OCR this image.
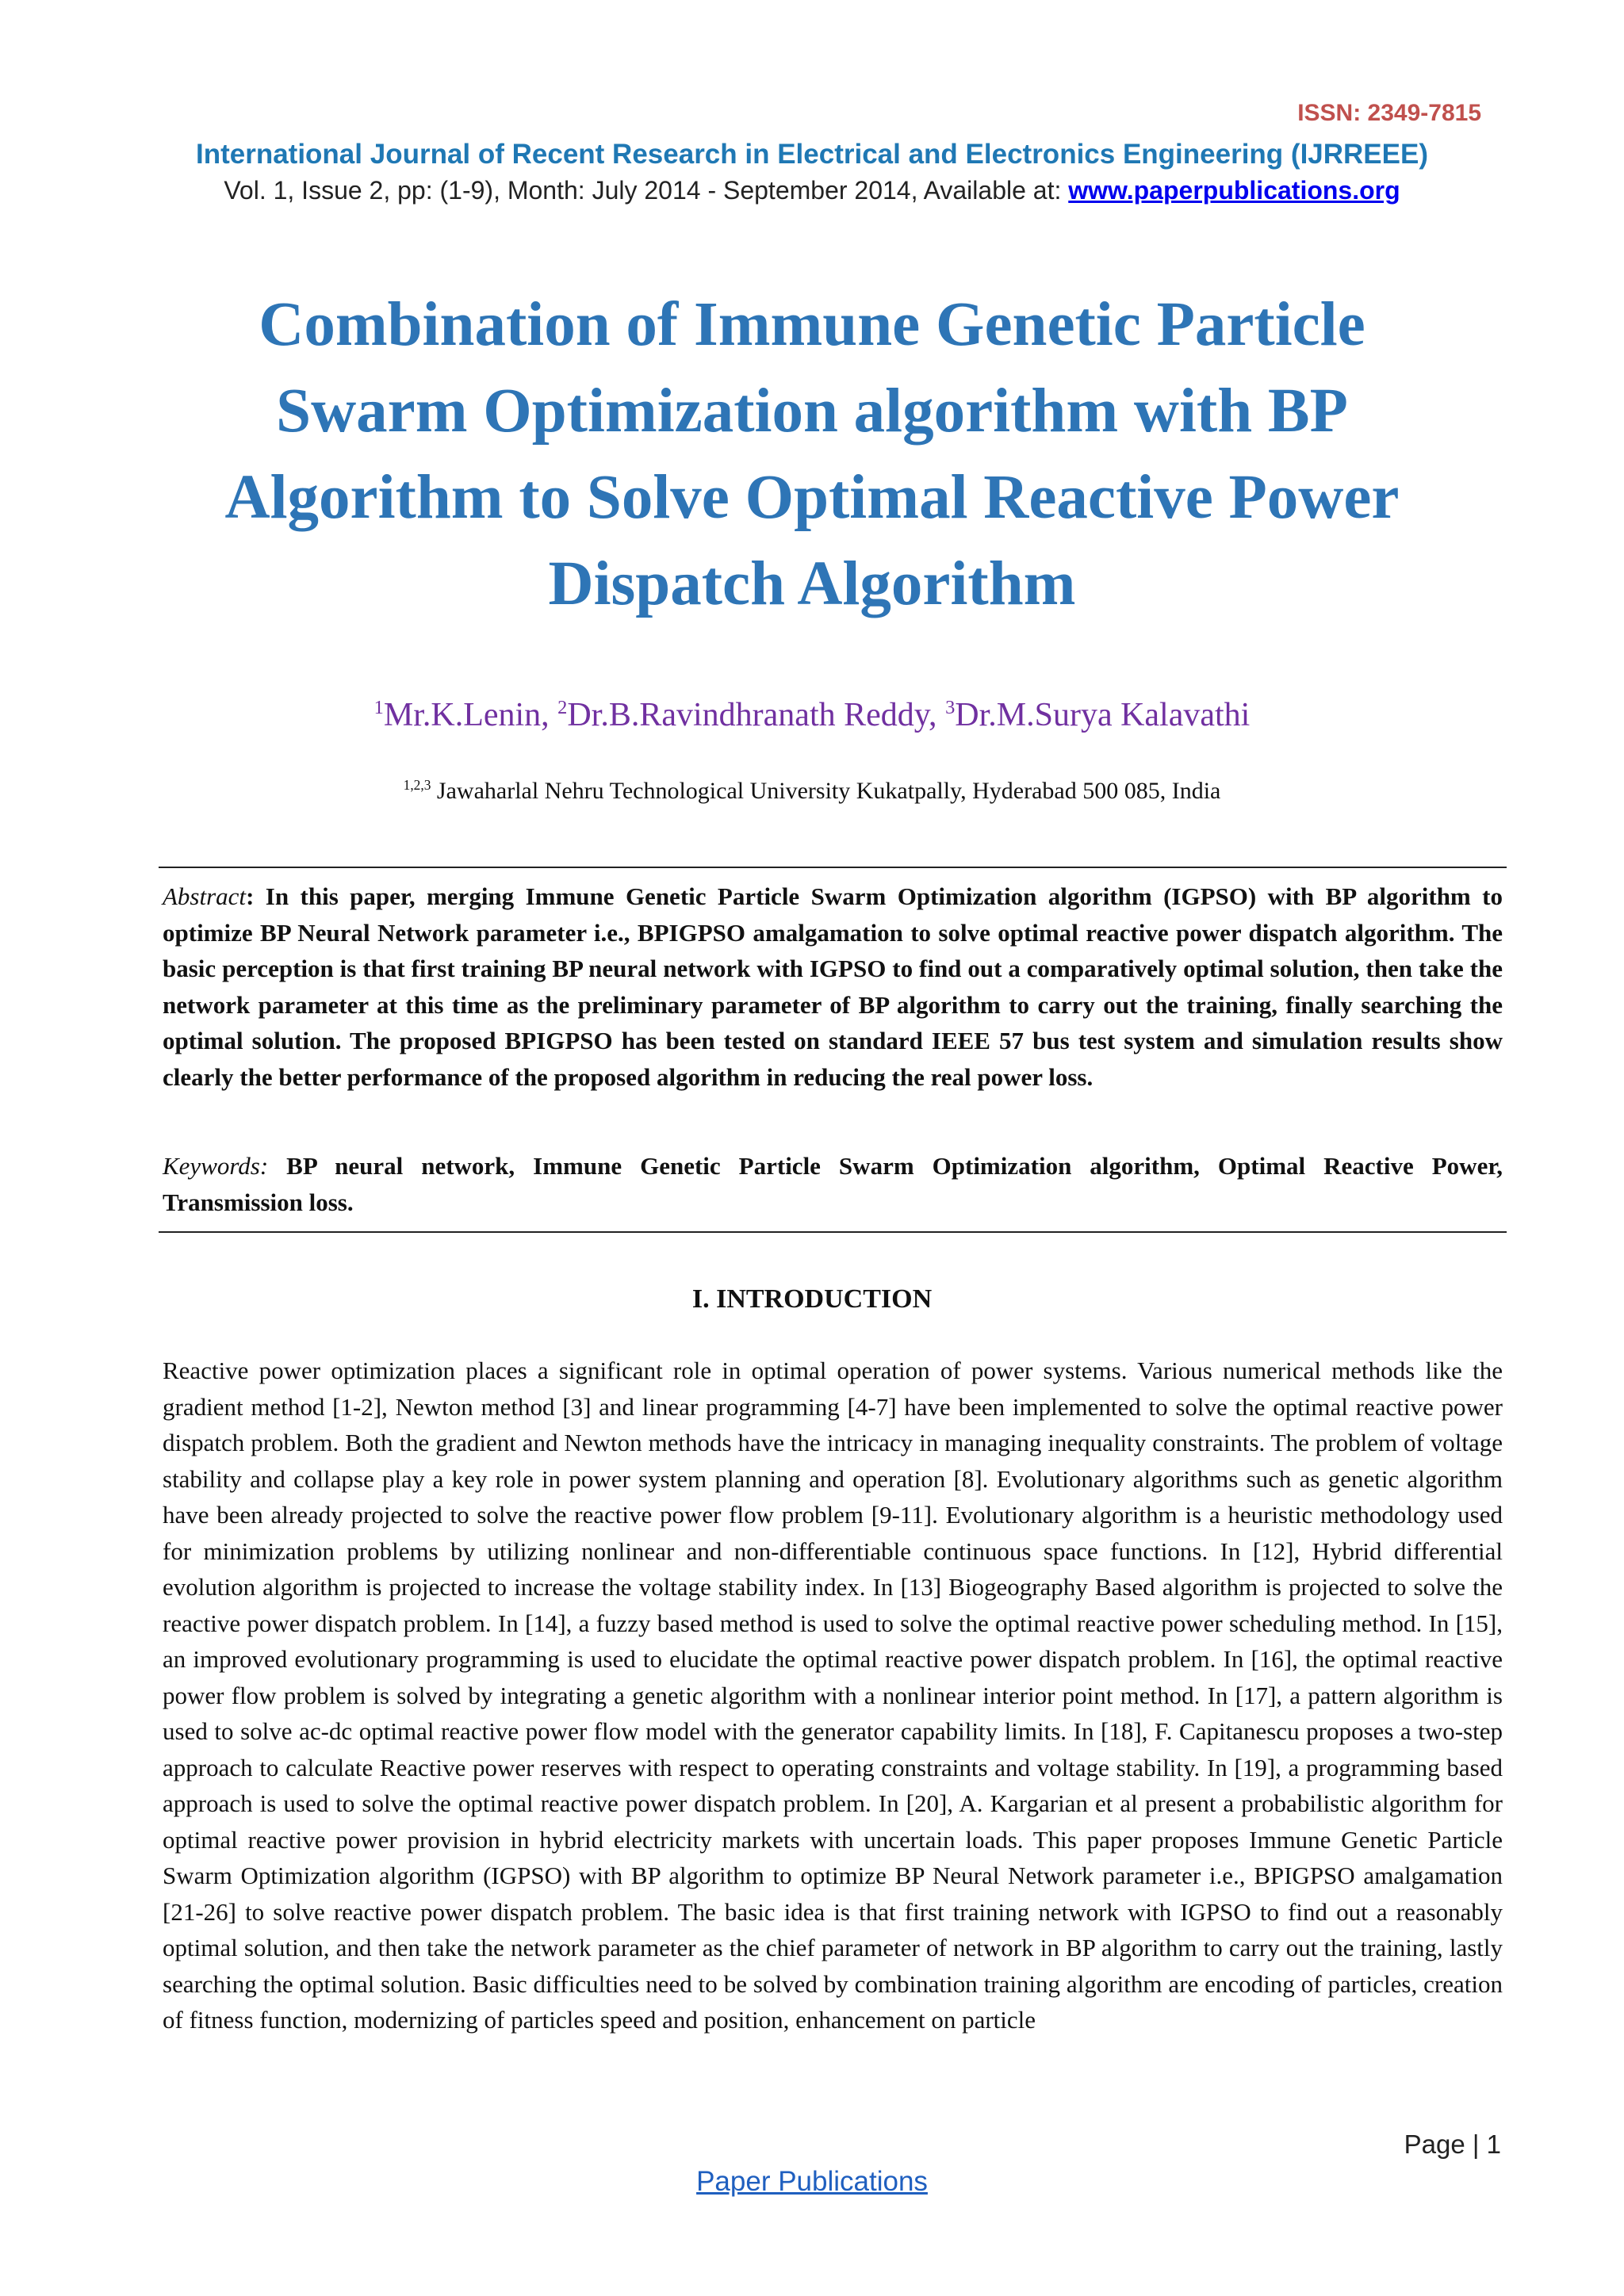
ISSN: 2349-7815
International Journal of Recent Research in Electrical and Electronics Engineering (IJRREEE)
Vol. 1, Issue 2, pp: (1-9), Month: July 2014 - September 2014, Available at: www.paperpublications.org
Combination of Immune Genetic Particle Swarm Optimization algorithm with BP Algorithm to Solve Optimal Reactive Power Dispatch Algorithm
$^1$Mr.K.Lenin, $^2$Dr.B.Ravindhranath Reddy, $^3$Dr.M.Surya Kalavathi
$^{1,2,3}$ Jawaharlal Nehru Technological University Kukatpally, Hyderabad 500 085, India

Abstract: In this paper, merging Immune Genetic Particle Swarm Optimization algorithm (IGPSO) with BP algorithm to optimize BP Neural Network parameter i.e., BPIGPSO amalgamation to solve optimal reactive power dispatch algorithm. The basic perception is that first training BP neural network with IGPSO to find out a comparatively optimal solution, then take the network parameter at this time as the preliminary parameter of BP algorithm to carry out the training, finally searching the optimal solution. The proposed BPIGPSO has been tested on standard IEEE 57 bus test system and simulation results show clearly the better performance of the proposed algorithm in reducing the real power loss.

Keywords: BP neural network, Immune Genetic Particle Swarm Optimization algorithm, Optimal Reactive Power, Transmission loss.

I. INTRODUCTION

Reactive power optimization places a significant role in optimal operation of power systems. Various numerical methods like the gradient method [1-2], Newton method [3] and linear programming [4-7] have been implemented to solve the optimal reactive power dispatch problem. Both the gradient and Newton methods have the intricacy in managing inequality constraints. The problem of voltage stability and collapse play a key role in power system planning and operation [8]. Evolutionary algorithms such as genetic algorithm have been already projected to solve the reactive power flow problem [9-11]. Evolutionary algorithm is a heuristic methodology used for minimization problems by utilizing nonlinear and non-differentiable continuous space functions. In [12], Hybrid differential evolution algorithm is projected to increase the voltage stability index. In [13] Biogeography Based algorithm is projected to solve the reactive power dispatch problem. In [14], a fuzzy based method is used to solve the optimal reactive power scheduling method. In [15], an improved evolutionary programming is used to elucidate the optimal reactive power dispatch problem. In [16], the optimal reactive power flow problem is solved by integrating a genetic algorithm with a nonlinear interior point method. In [17], a pattern algorithm is used to solve ac-dc optimal reactive power flow model with the generator capability limits. In [18], F. Capitanescu proposes a two-step approach to calculate Reactive power reserves with respect to operating constraints and voltage stability. In [19], a programming based approach is used to solve the optimal reactive power dispatch problem. In [20], A. Kargarian et al present a probabilistic algorithm for optimal reactive power provision in hybrid electricity markets with uncertain loads. This paper proposes Immune Genetic Particle Swarm Optimization algorithm (IGPSO) with BP algorithm to optimize BP Neural Network parameter i.e., BPIGPSO amalgamation [21-26] to solve reactive power dispatch problem. The basic idea is that first training network with IGPSO to find out a reasonably optimal solution, and then take the network parameter as the chief parameter of network in BP algorithm to carry out the training, lastly searching the optimal solution. Basic difficulties need to be solved by combination training algorithm are encoding of particles, creation of fitness function, modernizing of particles speed and position, enhancement on particle

Page | 1
Paper Publications
